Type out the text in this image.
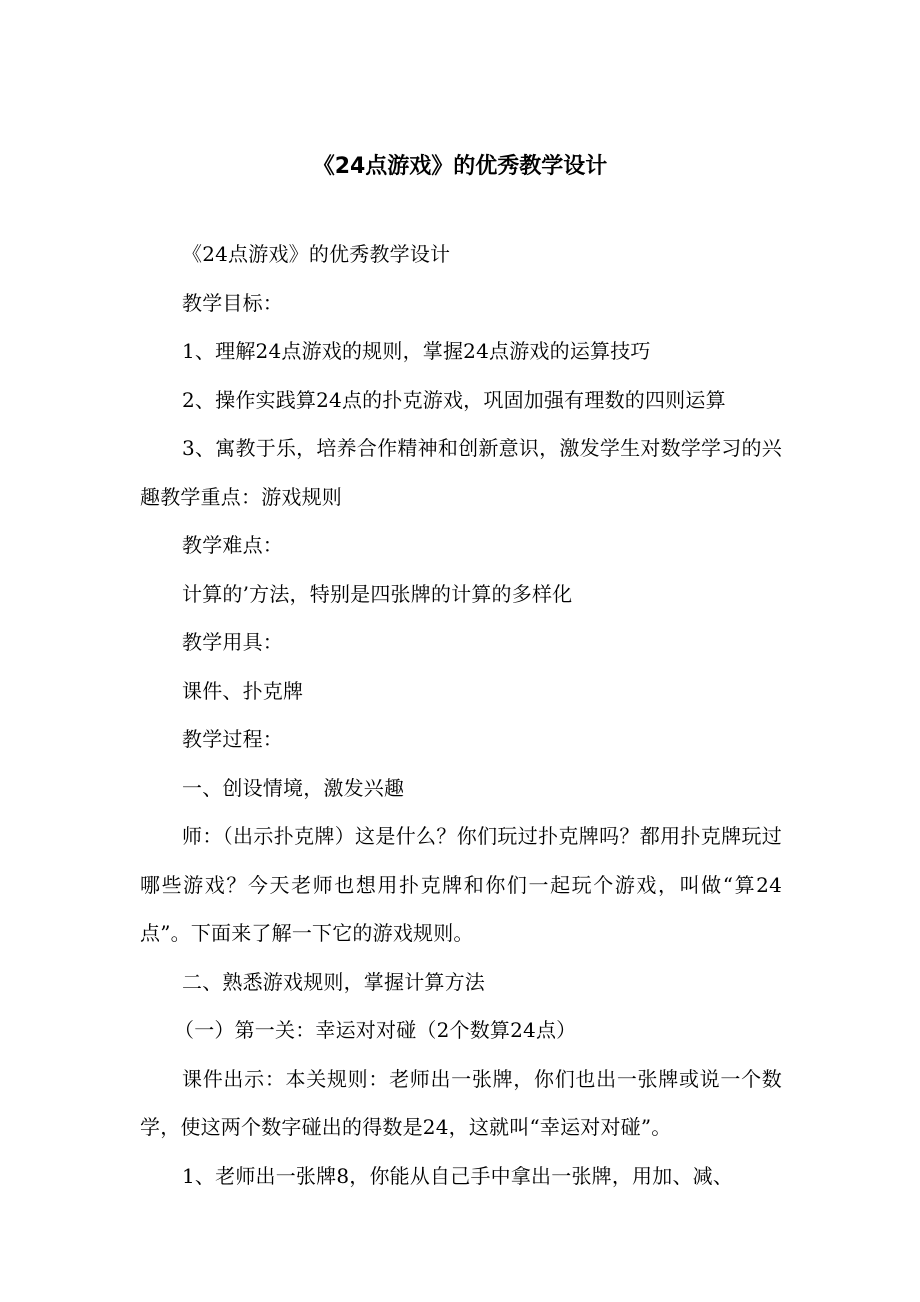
《24点游戏》的优秀教学设计

《24点游戏》的优秀教学设计

教学目标：

1、理解24点游戏的规则，掌握24点游戏的运算技巧

2、操作实践算24点的扑克游戏，巩固加强有理数的四则运算

3、寓教于乐，培养合作精神和创新意识，激发学生对数学学习的兴趣教学重点：游戏规则

教学难点：

计算的’方法，特别是四张牌的计算的多样化

教学用具：

课件、扑克牌

教学过程：

一、创设情境，激发兴趣

师：（出示扑克牌）这是什么？你们玩过扑克牌吗？都用扑克牌玩过哪些游戏？今天老师也想用扑克牌和你们一起玩个游戏，叫做“算24点”。下面来了解一下它的游戏规则。

二、熟悉游戏规则，掌握计算方法

（一）第一关：幸运对对碰（2个数算24点）

课件出示：本关规则：老师出一张牌，你们也出一张牌或说一个数学，使这两个数字碰出的得数是24，这就叫“幸运对对碰”。

1、老师出一张牌8，你能从自己手中拿出一张牌，用加、减、
